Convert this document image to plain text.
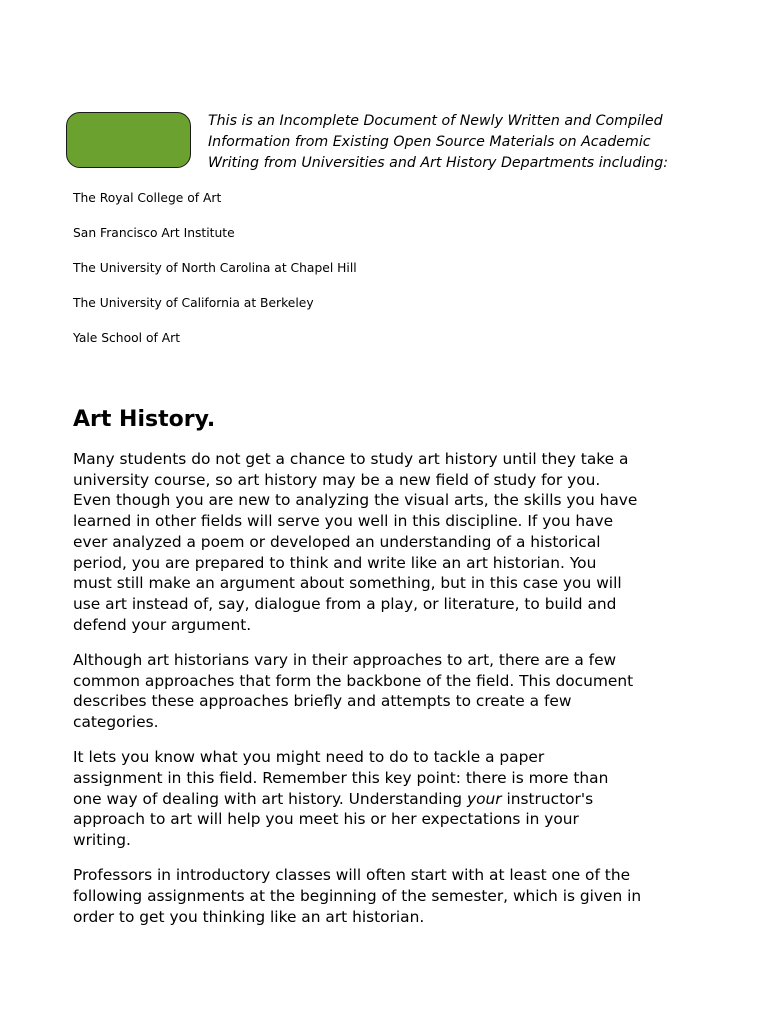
This is an Incomplete Document of Newly Written and Compiled
Information from Existing Open Source Materials on Academic
Writing from Universities and Art History Departments including:

The Royal College of Art
San Francisco Art Institute
The University of North Carolina at Chapel Hill
The University of California at Berkeley
Yale School of Art
Art History.

Many students do not get a chance to study art history until they take a
university course, so art history may be a new field of study for you.
Even though you are new to analyzing the visual arts, the skills you have
learned in other fields will serve you well in this discipline. If you have
ever analyzed a poem or developed an understanding of a historical
period, you are prepared to think and write like an art historian. You
must still make an argument about something, but in this case you will
use art instead of, say, dialogue from a play, or literature, to build and
defend your argument.

Although art historians vary in their approaches to art, there are a few
common approaches that form the backbone of the field. This document
describes these approaches briefly and attempts to create a few
categories.

It lets you know what you might need to do to tackle a paper
assignment in this field. Remember this key point: there is more than
one way of dealing with art history. Understanding your instructor's
approach to art will help you meet his or her expectations in your
writing.

Professors in introductory classes will often start with at least one of the
following assignments at the beginning of the semester, which is given in
order to get you thinking like an art historian.
